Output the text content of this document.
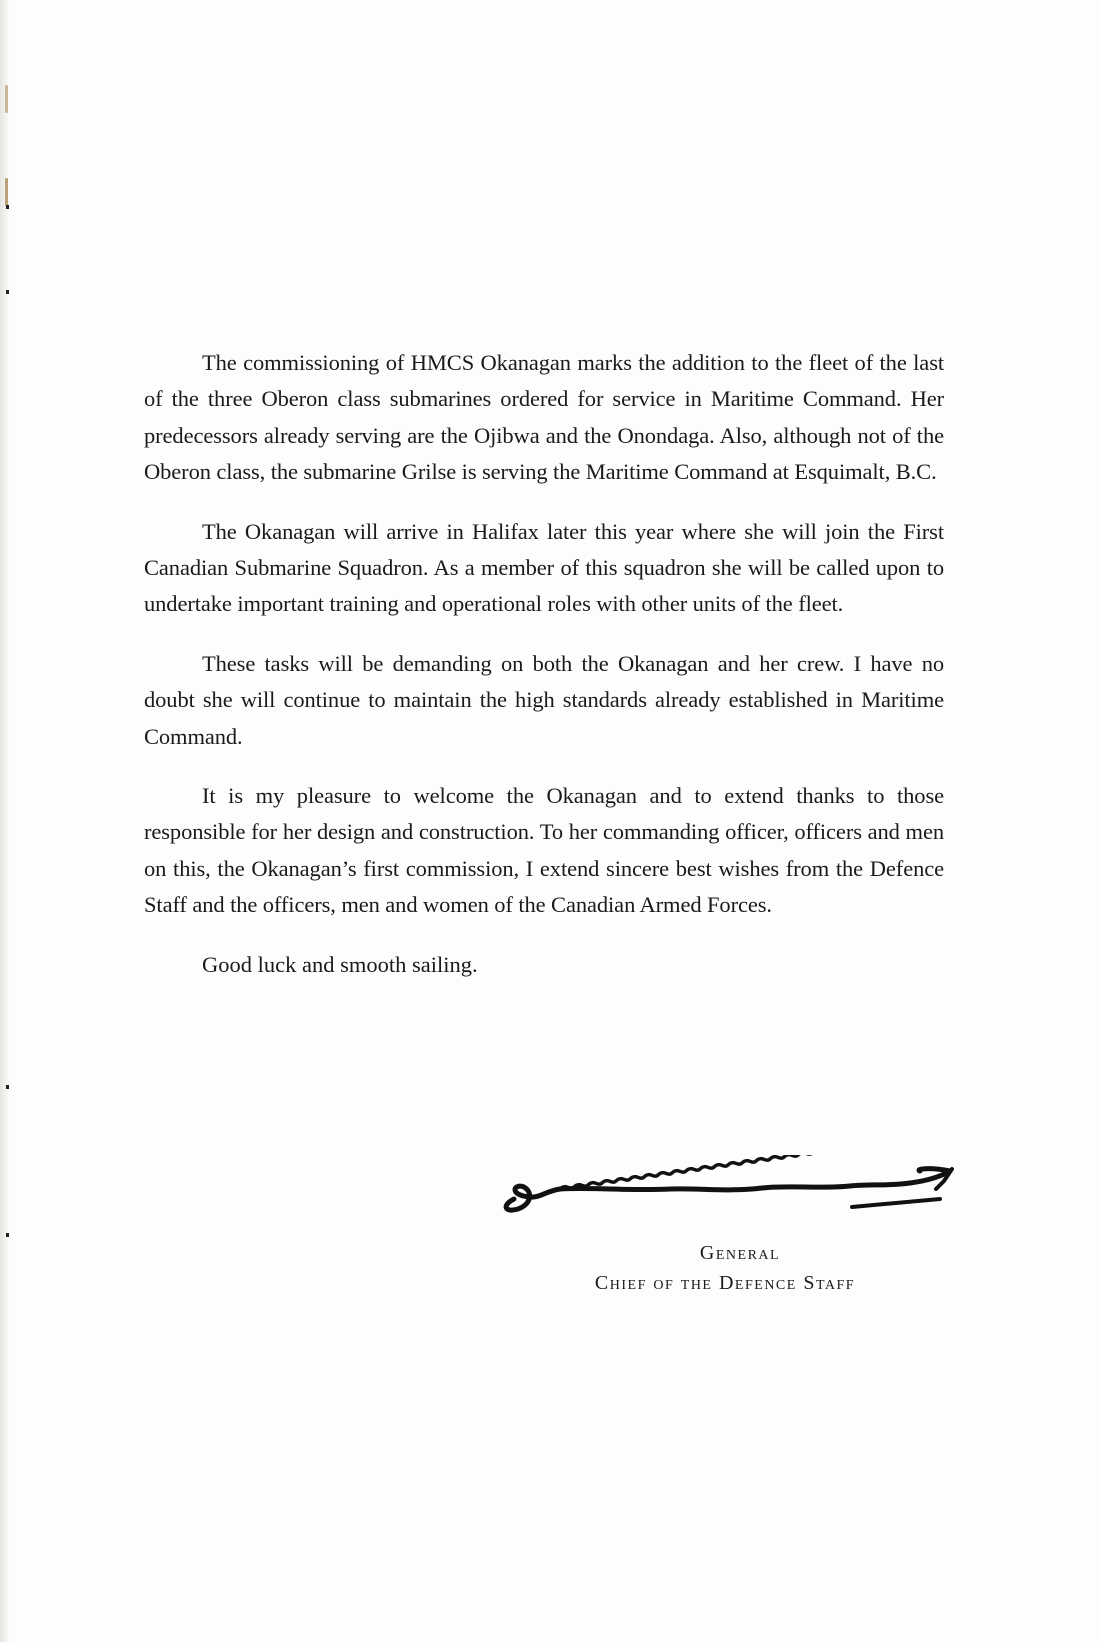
The commissioning of HMCS Okanagan marks the addition to the fleet of the last of the three Oberon class submarines ordered for service in Maritime Command. Her predecessors already serving are the Ojibwa and the Onondaga. Also, although not of the Oberon class, the submarine Grilse is serving the Maritime Command at Esquimalt, B.C.

The Okanagan will arrive in Halifax later this year where she will join the First Canadian Submarine Squadron. As a member of this squadron she will be called upon to undertake important training and operational roles with other units of the fleet.

These tasks will be demanding on both the Okanagan and her crew. I have no doubt she will continue to maintain the high standards already established in Maritime Command.

It is my pleasure to welcome the Okanagan and to extend thanks to those responsible for her design and construction. To her commanding officer, officers and men on this, the Okanagan’s first commission, I extend sincere best wishes from the Defence Staff and the officers, men and women of the Canadian Armed Forces.

Good luck and smooth sailing.

General
Chief of the Defence Staff
